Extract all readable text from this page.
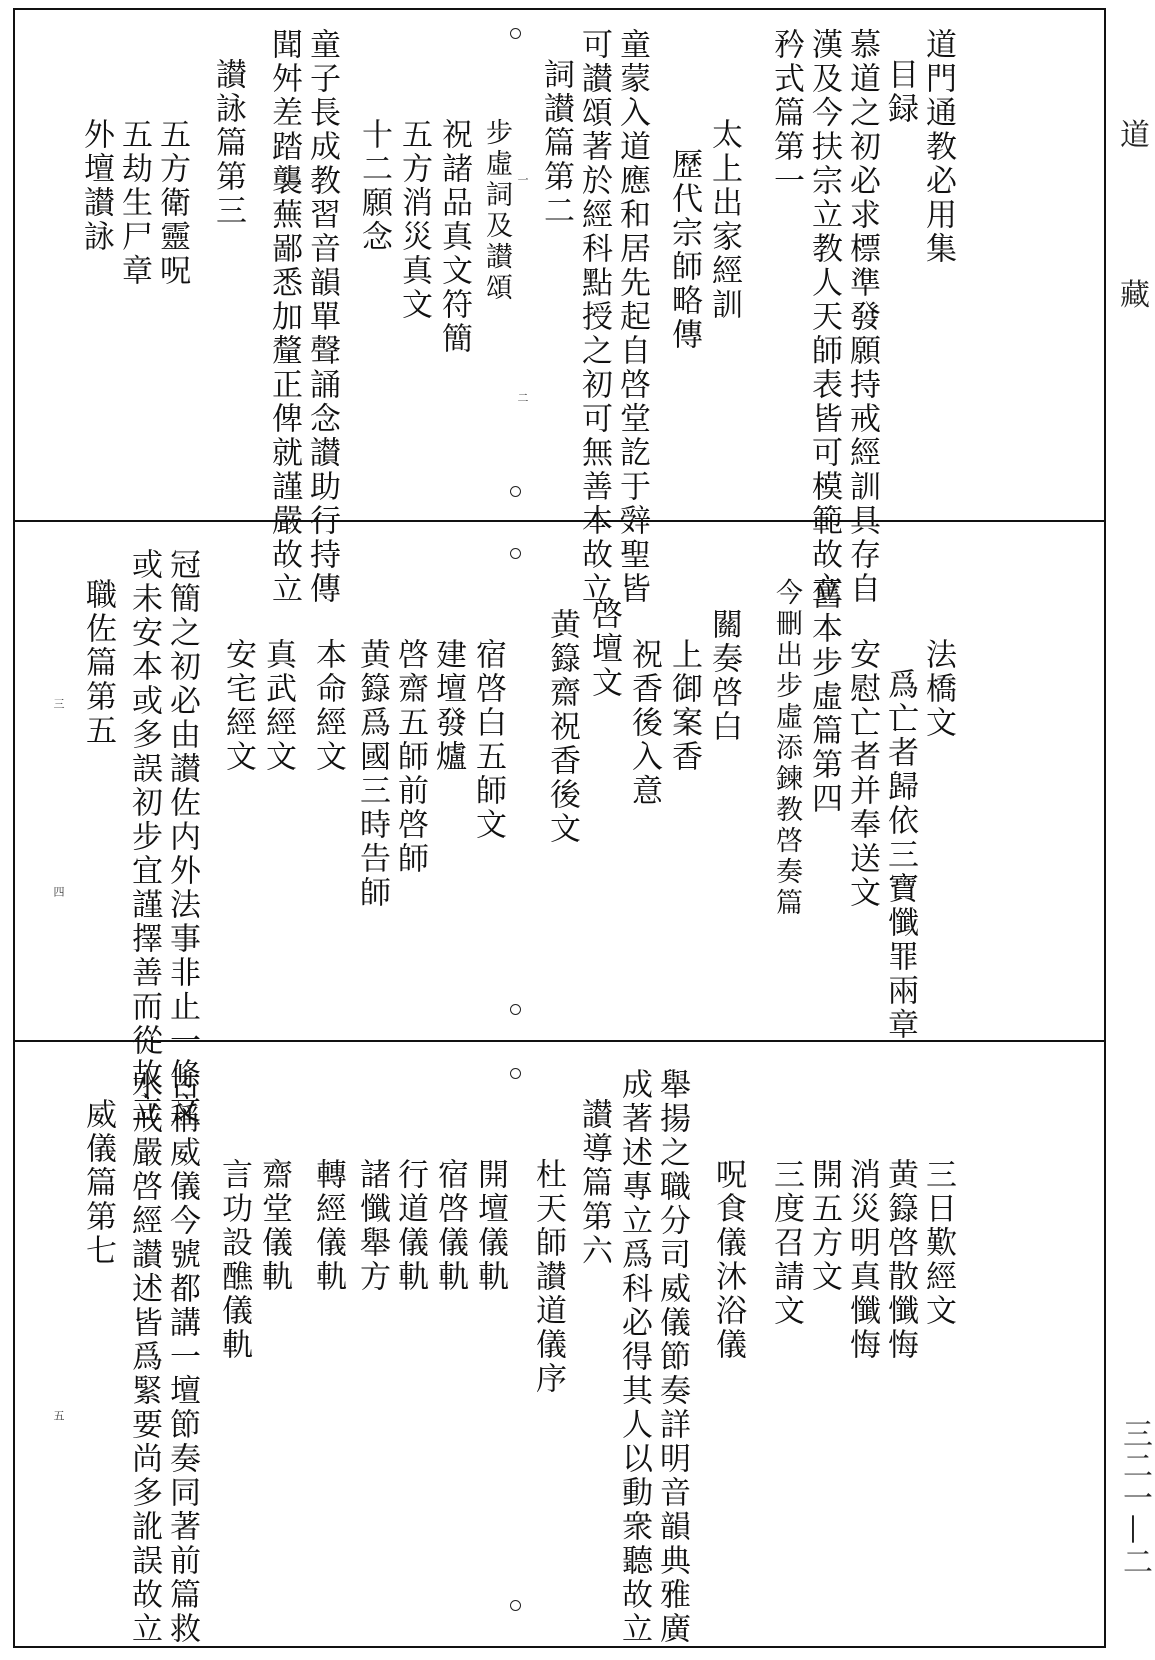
一
二
道門通教必用集
目録
慕道之初必求標準發願持戒經訓具存自
漢及今扶宗立教人天師表皆可模範故立
矜式篇第一
太上出家經訓
歷代宗師略傳
童蒙入道應和居先起自啓堂訖于辤聖皆
可讃頌著於經科點授之初可無善本故立
詞讃篇第二
步虛詞及讃頌
祝諸品真文符簡
五方消災真文
十二願念
童子長成教習音韻單聲誦念讃助行持傳
聞舛差踏襲蕪鄙悉加釐正俾就謹嚴故立
讃詠篇第三
五方衛靈呪
五劫生尸章
外壇讃詠
三
四
法橋文
爲亡者歸依三寶懺罪兩章
安慰亡者并奉送文
舊本步虛篇第四
今刪出步虛添鍊教啓奏篇
關奏啓白
上御案香
祝香後入意
啓壇文
黄籙齋祝香後文
宿啓白五師文
建壇發爐
啓齋五師前啓師
黄籙爲國三時告師
本命經文
真武經文
安宅經文
冠簡之初必由讃佐内外法事非止一條文
或未安本或多誤初步宜謹擇善而從故立
職佐篇第五
五
三日歎經文
黄籙啓散懺悔
消災明真懺悔
開五方文
三度召請文
呪食儀沐浴儀
舉揚之職分司威儀節奏詳明音韻典雅廣
成著述專立爲科必得其人以動衆聽故立
讃導篇第六
杜天師讃道儀序
開壇儀軌
宿啓儀軌
行道儀軌
諸懺舉方
轉經儀軌
齋堂儀軌
言功設醮儀軌
古稱威儀今號都講一壇節奏同著前篇救
水戒嚴啓經讃述皆爲緊要尚多訛誤故立
威儀篇第七
道
藏
三二一—二
